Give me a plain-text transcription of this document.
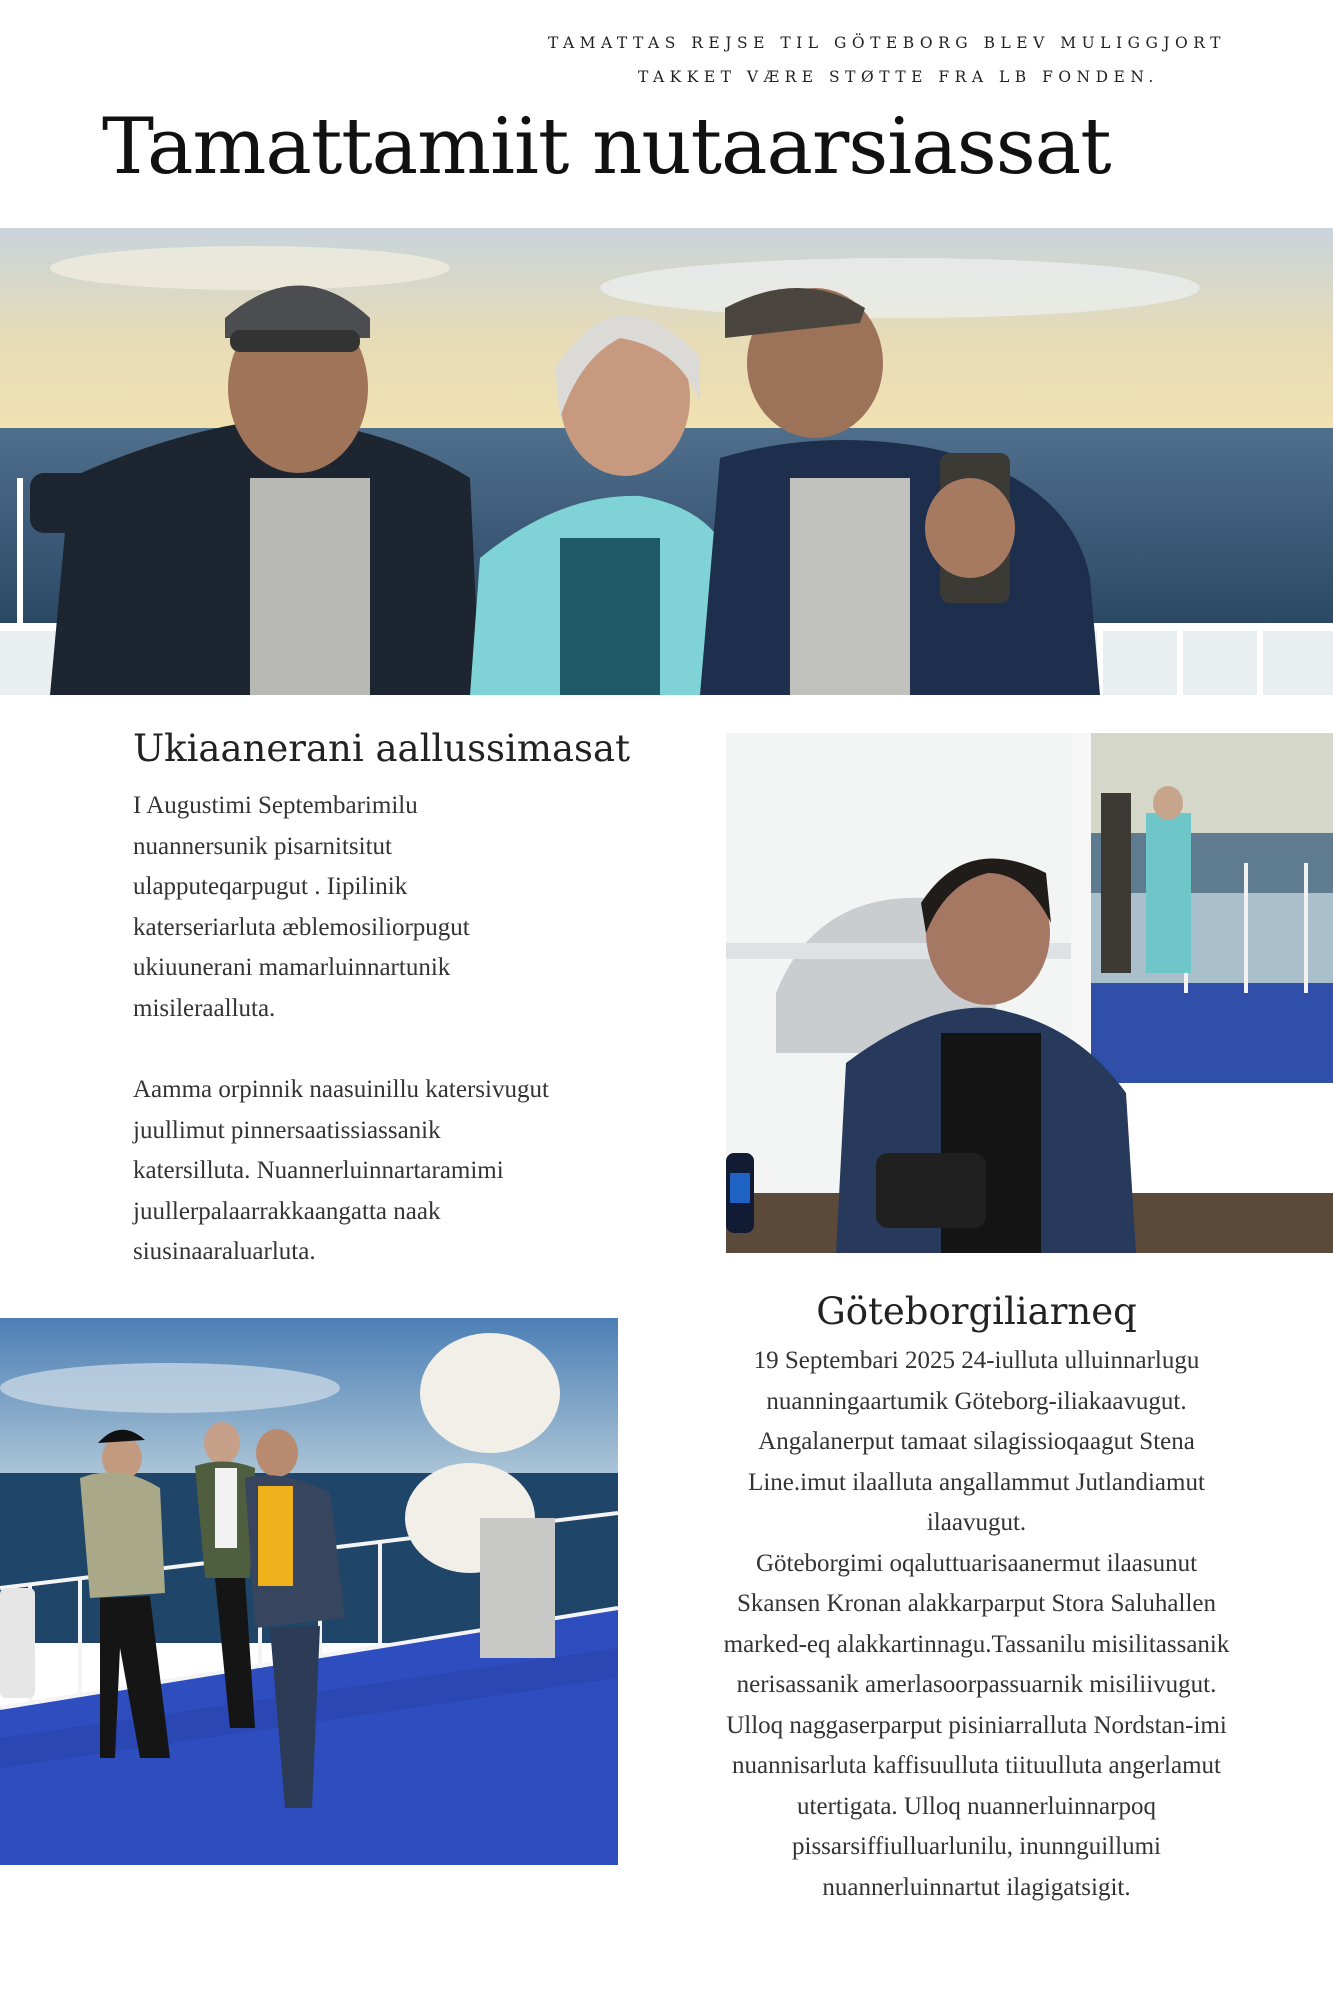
TAMATTAS REJSE TIL GÖTEBORG BLEV MULIGGJORT
TAKKET VÆRE STØTTE FRA LB FONDEN.
Tamattamiit nutaarsiassat
Ukiaanerani aallussimasat
I Augustimi Septembarimilu
nuannersunik pisarnitsitut
ulapputeqarpugut . Iipilinik
katerseriarluta æblemosiliorpugut
ukiuunerani mamarluinnartunik
misileraalluta.
Aamma orpinnik naasuinillu katersivugut
juullimut pinnersaatissiassanik
katersilluta. Nuannerluinnartaramimi
juullerpalaarrakkaangatta naak
siusinaaraluarluta.
Göteborgiliarneq
19 Septembari 2025 24-iulluta ulluinnarlugu
nuanningaartumik Göteborg-iliakaavugut.
Angalanerput tamaat silagissioqaagut Stena
Line.imut ilaalluta angallammut Jutlandiamut
ilaavugut.
Göteborgimi oqaluttuarisaanermut ilaasunut
Skansen Kronan alakkarparput Stora Saluhallen
marked-eq alakkartinnagu.Tassanilu misilitassanik
nerisassanik amerlasoorpassuarnik misiliivugut.
Ulloq naggaserparput pisiniarralluta Nordstan-imi
nuannisarluta kaffisuulluta tiituulluta angerlamut
utertigata. Ulloq nuannerluinnarpoq
pissarsiffiulluarlunilu, inunnguillumi
nuannerluinnartut ilagigatsigit.
